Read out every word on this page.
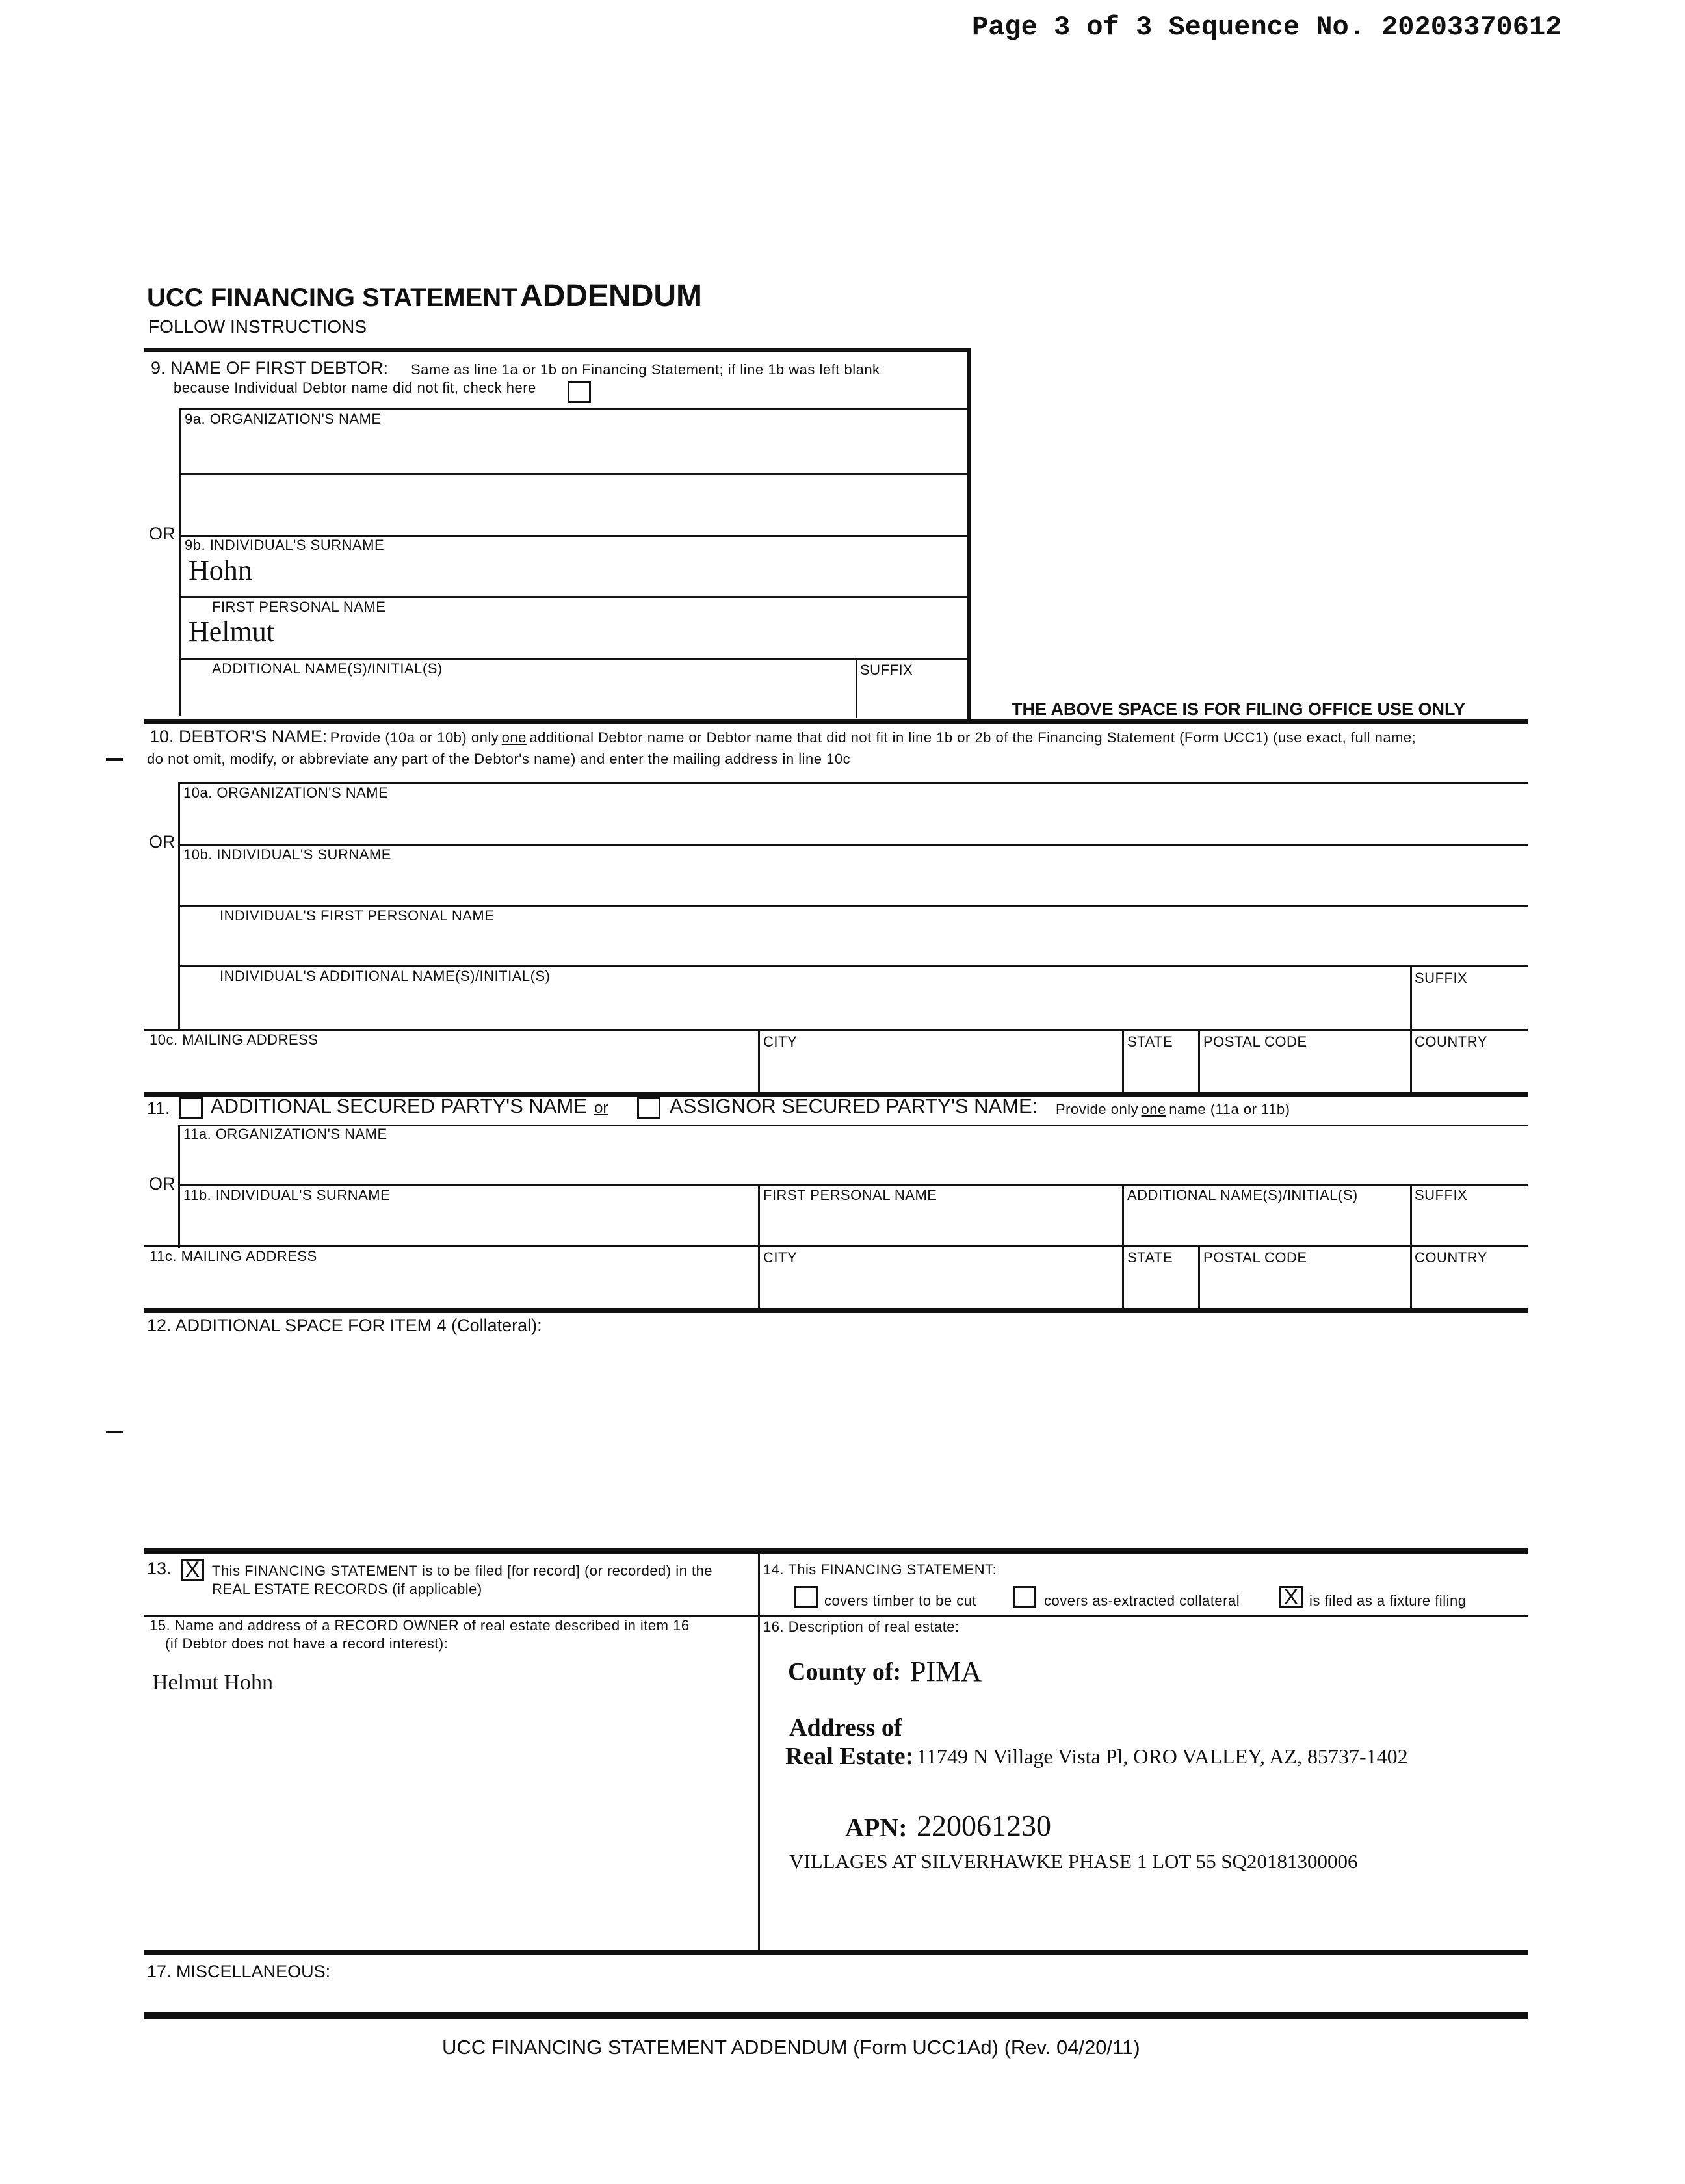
Page 3 of 3 Sequence No. 20203370612
UCC FINANCING STATEMENT ADDENDUM
FOLLOW INSTRUCTIONS
9. NAME OF FIRST DEBTOR: Same as line 1a or 1b on Financing Statement; if line 1b was left blank
because Individual Debtor name did not fit, check here
9a. ORGANIZATION'S NAME
OR
9b. INDIVIDUAL'S SURNAME
Hohn
FIRST PERSONAL NAME
Helmut
ADDITIONAL NAME(S)/INITIAL(S)	SUFFIX
THE ABOVE SPACE IS FOR FILING OFFICE USE ONLY
10. DEBTOR'S NAME: Provide (10a or 10b) only one additional Debtor name or Debtor name that did not fit in line 1b or 2b of the Financing Statement (Form UCC1) (use exact, full name;
do not omit, modify, or abbreviate any part of the Debtor's name) and enter the mailing address in line 10c
10a. ORGANIZATION'S NAME
OR
10b. INDIVIDUAL'S SURNAME
INDIVIDUAL'S FIRST PERSONAL NAME
INDIVIDUAL'S ADDITIONAL NAME(S)/INITIAL(S)	SUFFIX
10c. MAILING ADDRESS	CITY	STATE POSTAL CODE	COUNTRY
11. ADDITIONAL SECURED PARTY'S NAME or	ASSIGNOR SECURED PARTY'S NAME: Provide only one name (11a or 11b)
11a. ORGANIZATION'S NAME
OR
11b. INDIVIDUAL'S SURNAME	FIRST PERSONAL NAME	ADDITIONAL NAME(S)/INITIAL(S)	SUFFIX
11c. MAILING ADDRESS	CITY	STATE POSTAL CODE	COUNTRY
12. ADDITIONAL SPACE FOR ITEM 4 (Collateral):
13. X This FINANCING STATEMENT is to be filed [for record] (or recorded) in the
REAL ESTATE RECORDS (if applicable)
14. This FINANCING STATEMENT:
covers timber to be cut	covers as-extracted collateral X is filed as a fixture filing
15. Name and address of a RECORD OWNER of real estate described in item 16
(if Debtor does not have a record interest):
Helmut Hohn
16. Description of real estate:
County of: PIMA
Address of
Real Estate: 11749 N Village Vista Pl, ORO VALLEY, AZ, 85737-1402
APN: 220061230
VILLAGES AT SILVERHAWKE PHASE 1 LOT 55 SQ20181300006
17. MISCELLANEOUS:
UCC FINANCING STATEMENT ADDENDUM (Form UCC1Ad) (Rev. 04/20/11)
